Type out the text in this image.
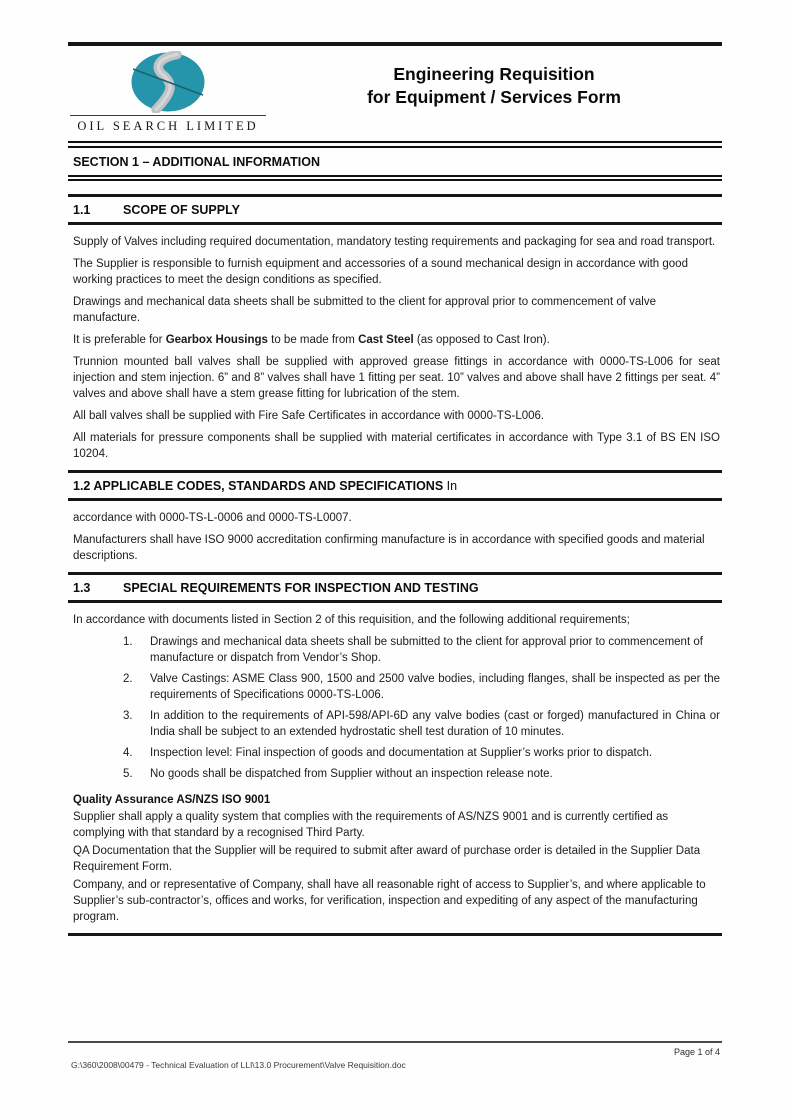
OIL SEARCH LIMITED
Engineering Requisition
for Equipment / Services Form
SECTION 1 – ADDITIONAL INFORMATION
1.1	SCOPE OF SUPPLY

Supply of Valves including required documentation, mandatory testing requirements and packaging for sea and road transport.

The Supplier is responsible to furnish equipment and accessories of a sound mechanical design in accordance with good working practices to meet the design conditions as specified.

Drawings and mechanical data sheets shall be submitted to the client for approval prior to commencement of valve manufacture.

It is preferable for Gearbox Housings to be made from Cast Steel (as opposed to Cast Iron).

Trunnion mounted ball valves shall be supplied with approved grease fittings in accordance with 0000-TS-L006 for seat injection and stem injection. 6” and 8” valves shall have 1 fitting per seat. 10” valves and above shall have 2 fittings per seat. 4” valves and above shall have a stem grease fitting for lubrication of the stem.

All ball valves shall be supplied with Fire Safe Certificates in accordance with 0000-TS-L006.

All materials for pressure components shall be supplied with material certificates in accordance with Type 3.1 of BS EN ISO 10204.

1.2 APPLICABLE CODES, STANDARDS AND SPECIFICATIONS In

accordance with 0000-TS-L-0006 and 0000-TS-L0007.

Manufacturers shall have ISO 9000 accreditation confirming manufacture is in accordance with specified goods and material descriptions.

1.3	SPECIAL REQUIREMENTS FOR INSPECTION AND TESTING

In accordance with documents listed in Section 2 of this requisition, and the following additional requirements;

1.	Drawings and mechanical data sheets shall be submitted to the client for approval prior to commencement of manufacture or dispatch from Vendor’s Shop.
2.	Valve Castings: ASME Class 900, 1500 and 2500 valve bodies, including flanges, shall be inspected as per the requirements of Specifications 0000-TS-L006.
3.	In addition to the requirements of API-598/API-6D any valve bodies (cast or forged) manufactured in China or India shall be subject to an extended hydrostatic shell test duration of 10 minutes.
4.	Inspection level: Final inspection of goods and documentation at Supplier’s works prior to dispatch.
5.	No goods shall be dispatched from Supplier without an inspection release note.
Quality Assurance AS/NZS ISO 9001

Supplier shall apply a quality system that complies with the requirements of AS/NZS 9001 and is currently certified as complying with that standard by a recognised Third Party.

QA Documentation that the Supplier will be required to submit after award of purchase order is detailed in the Supplier Data Requirement Form.

Company, and or representative of Company, shall have all reasonable right of access to Supplier’s, and where applicable to Supplier’s sub-contractor’s, offices and works, for verification, inspection and expediting of any aspect of the manufacturing program.

Page 1 of 4
G:\360\2008\00479 - Technical Evaluation of LLI\13.0 Procurement\Valve Requisition.doc
